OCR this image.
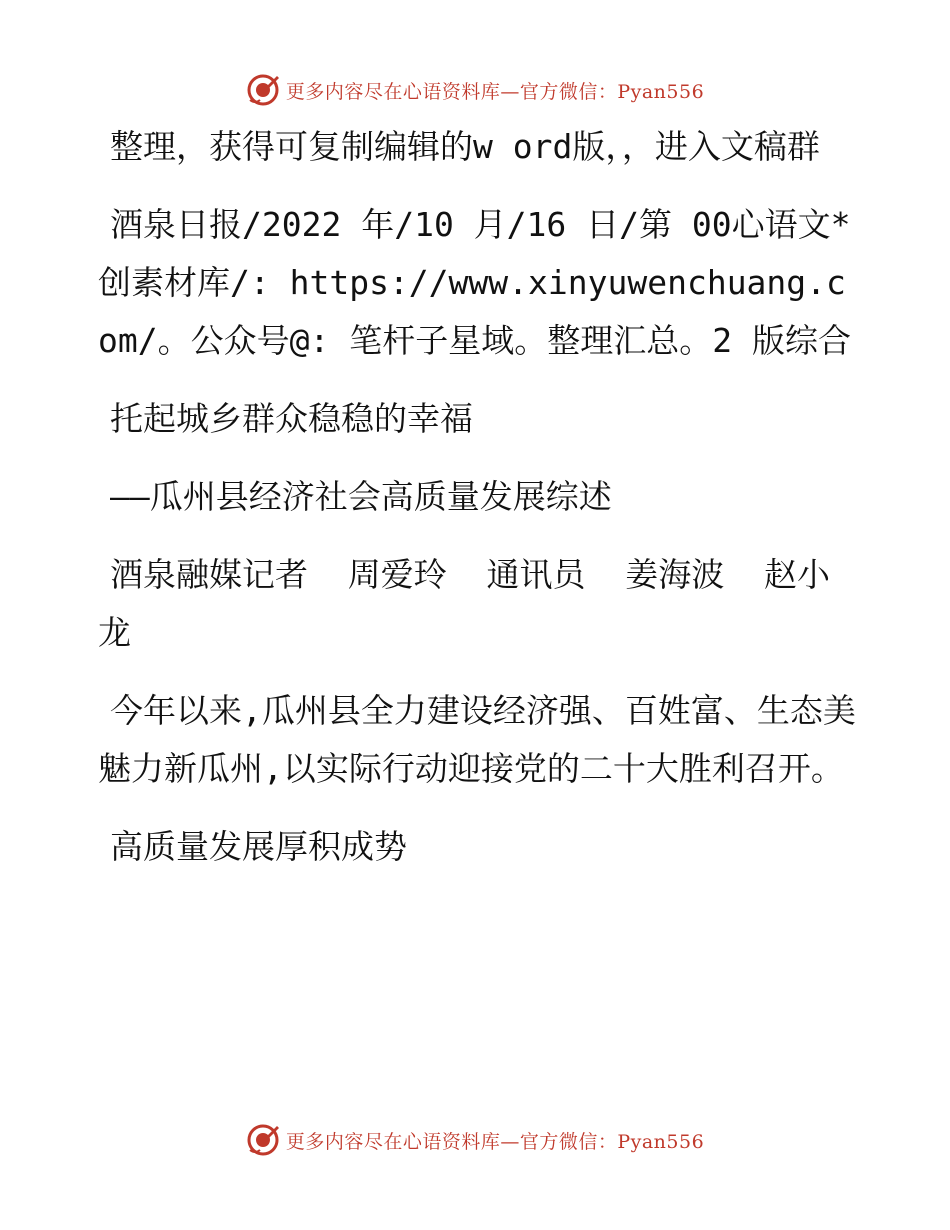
更多内容尽在心语资料库—官方微信：Pyan556

整理，获得可复制编辑的w ord版，，进入文稿群

酒泉日报/2022 年/10 月/16 日/第 00心语文*创素材库/: https://www.xinyuwenchuang.com/。公众号@: 笔杆子星域。整理汇总。2 版综合

托起城乡群众稳稳的幸福

——瓜州县经济社会高质量发展综述

酒泉融媒记者  周爱玲  通讯员  姜海波  赵小龙

今年以来,瓜州县全力建设经济强、百姓富、生态美魅力新瓜州,以实际行动迎接党的二十大胜利召开。

高质量发展厚积成势

更多内容尽在心语资料库—官方微信：Pyan556
